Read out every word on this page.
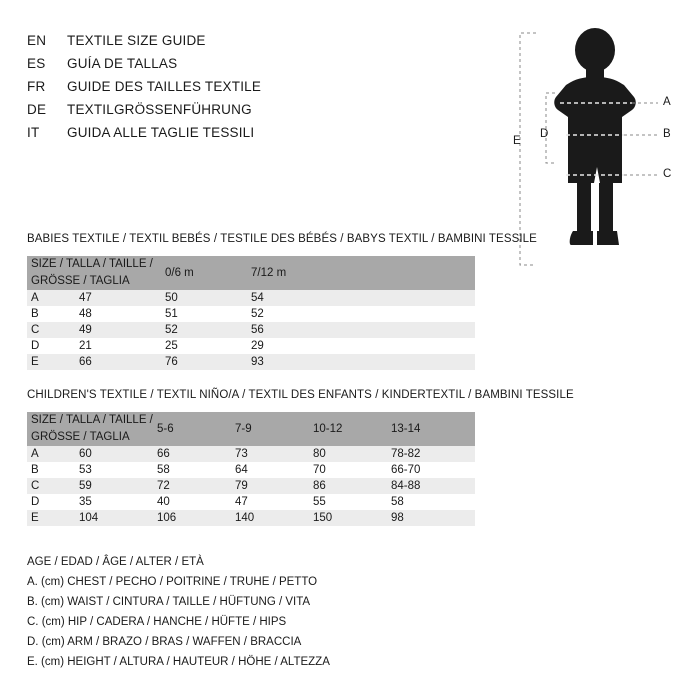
EN	TEXTILE SIZE GUIDE
ES	GUÍA DE TALLAS
FR	GUIDE DES TAILLES TEXTILE
DE	TEXTILGRÖSSENFÜHRUNG
IT	GUIDA ALLE TAGLIE TESSILI
A
B
C
D
E
BABIES TEXTILE / TEXTIL BEBÉS / TESTILE DES BÉBÉS / BABYS TEXTIL / BAMBINI TESSILE
SIZE / TALLA / TAILLE / GRÖSSE / TAGLIA		0/6 m	7/12 m
A	47	50	54
B	48	51	52
C	49	52	56
D	21	25	29
E	66	76	93
CHILDREN'S TEXTILE / TEXTIL NIÑO/A / TEXTIL DES ENFANTS / KINDERTEXTIL / BAMBINI TESSILE
SIZE / TALLA / TAILLE / GRÖSSE / TAGLIA		5-6	7-9	10-12	13-14
A	60	66	73	80	78-82
B	53	58	64	70	66-70
C	59	72	79	86	84-88
D	35	40	47	55	58
E	104	106	140	150	98
AGE / EDAD / ÂGE / ALTER / ETÀ
A. (cm) CHEST / PECHO / POITRINE / TRUHE / PETTO
B. (cm) WAIST / CINTURA / TAILLE / HÜFTUNG / VITA
C. (cm) HIP / CADERA / HANCHE / HÜFTE / HIPS
D. (cm) ARM / BRAZO / BRAS / WAFFEN / BRACCIA
E. (cm) HEIGHT / ALTURA / HAUTEUR / HÖHE / ALTEZZA
